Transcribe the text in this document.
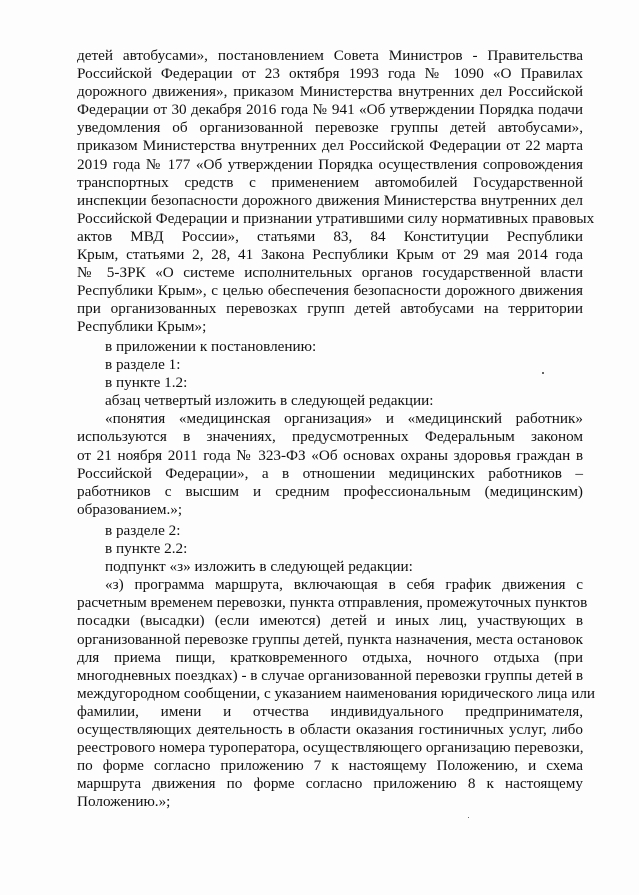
детей автобусами», постановлением Совета Министров - Правительства

Российской Федерации от 23 октября 1993 года № 1090 «О Правилах

дорожного движения», приказом Министерства внутренних дел Российской

Федерации от 30 декабря 2016 года № 941 «Об утверждении Порядка подачи

уведомления об организованной перевозке группы детей автобусами»,

приказом Министерства внутренних дел Российской Федерации от 22 марта

2019 года № 177 «Об утверждении Порядка осуществления сопровождения

транспортных средств с применением автомобилей Государственной

инспекции безопасности дорожного движения Министерства внутренних дел

Российской Федерации и признании утратившими силу нормативных правовых

актов МВД России», статьями 83, 84 Конституции Республики

Крым, статьями 2, 28, 41 Закона Республики Крым от 29 мая 2014 года

№ 5-ЗРК «О системе исполнительных органов государственной власти

Республики Крым», с целью обеспечения безопасности дорожного движения

при организованных перевозках групп детей автобусами на территории

Республики Крым»;

в приложении к постановлению:

в разделе 1:

в пункте 1.2:

абзац четвертый изложить в следующей редакции:

«понятия «медицинская организация» и «медицинский работник»

используются в значениях, предусмотренных Федеральным законом

от 21 ноября 2011 года № 323-ФЗ «Об основах охраны здоровья граждан в

Российской Федерации», а в отношении медицинских работников –

работников с высшим и средним профессиональным (медицинским)

образованием.»;

в разделе 2:

в пункте 2.2:

подпункт «з» изложить в следующей редакции:

«з) программа маршрута, включающая в себя график движения с

расчетным временем перевозки, пункта отправления, промежуточных пунктов

посадки (высадки) (если имеются) детей и иных лиц, участвующих в

организованной перевозке группы детей, пункта назначения, места остановок

для приема пищи, кратковременного отдыха, ночного отдыха (при

многодневных поездках) - в случае организованной перевозки группы детей в

междугородном сообщении, с указанием наименования юридического лица или

фамилии, имени и отчества индивидуального предпринимателя,

осуществляющих деятельность в области оказания гостиничных услуг, либо

реестрового номера туроператора, осуществляющего организацию перевозки,

по форме согласно приложению 7 к настоящему Положению, и схема

маршрута движения по форме согласно приложению 8 к настоящему

Положению.»;
